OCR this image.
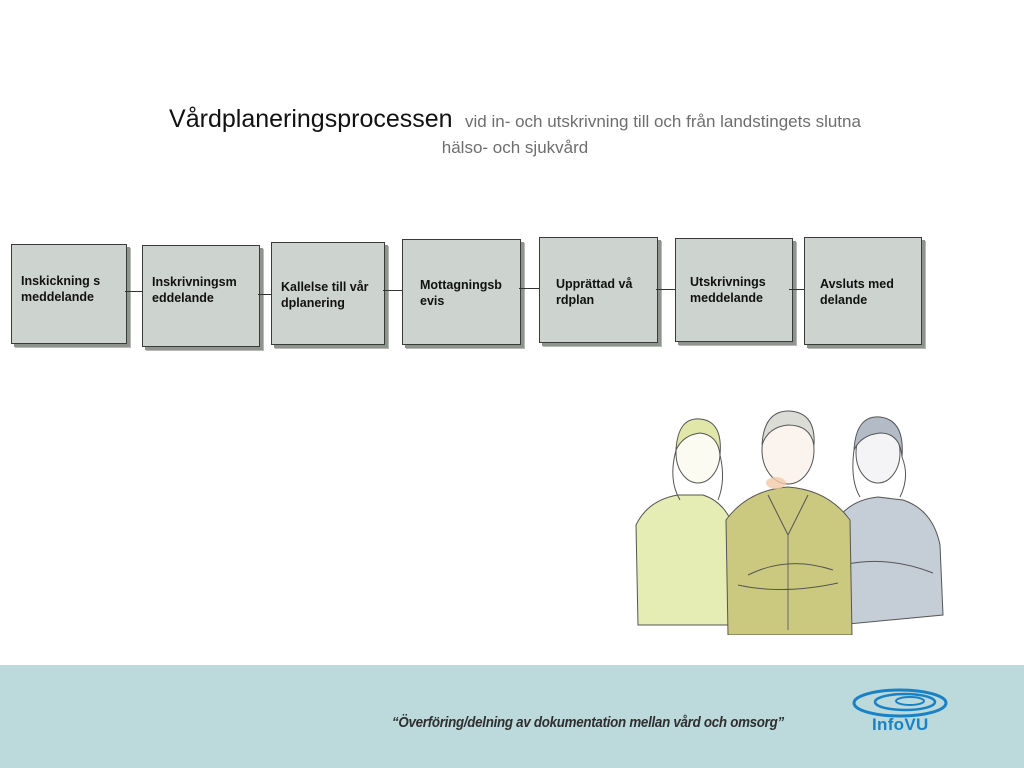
Vårdplaneringsprocessen vid in- och utskrivning till och från landstingets slutna
hälso- och sjukvård
Inskickning smeddelande
Inskrivningsmeddelande
Kallelse till vårdplanering
Mottagningsbevis
Upprättad vårdplan
Utskrivningsmeddelande
Avsluts meddelande
“Överföring/delning av dokumentation mellan vård och omsorg”	InfoVU
